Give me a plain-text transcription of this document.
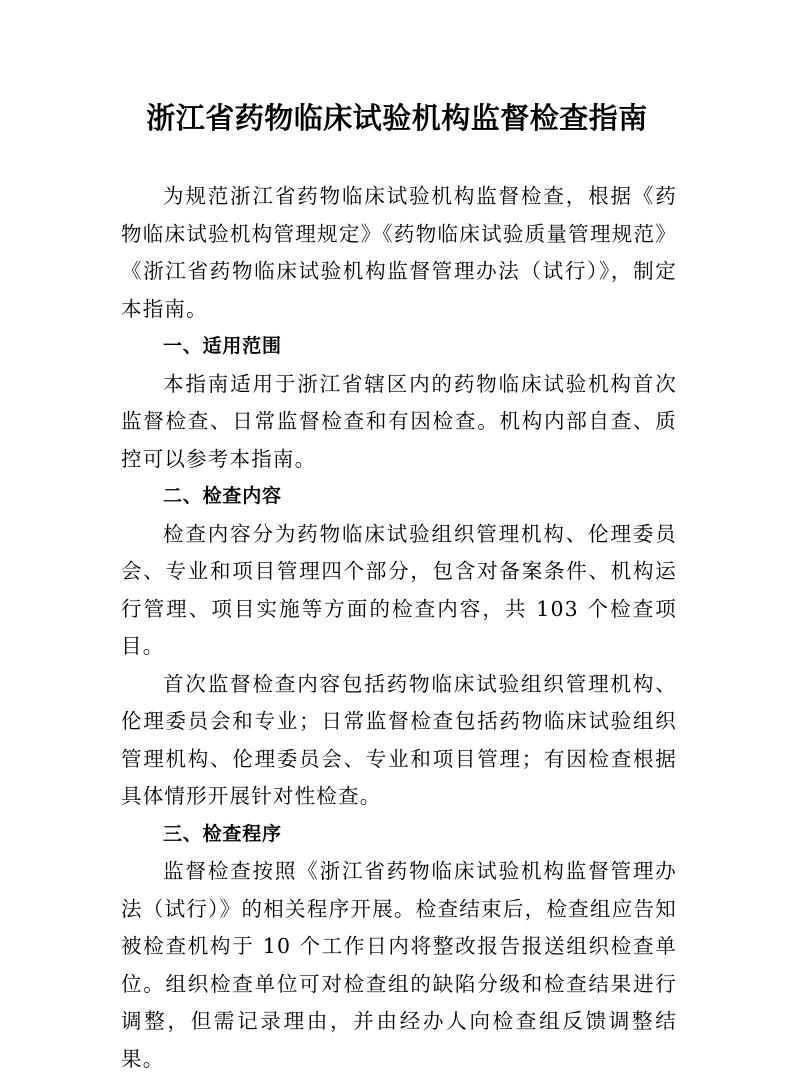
浙江省药物临床试验机构监督检查指南

为规范浙江省药物临床试验机构监督检查，根据《药物临床试验机构管理规定》《药物临床试验质量管理规范》《浙江省药物临床试验机构监督管理办法（试行）》，制定本指南。

一、适用范围

本指南适用于浙江省辖区内的药物临床试验机构首次监督检查、日常监督检查和有因检查。机构内部自查、质控可以参考本指南。

二、检查内容

检查内容分为药物临床试验组织管理机构、伦理委员会、专业和项目管理四个部分，包含对备案条件、机构运行管理、项目实施等方面的检查内容，共 103 个检查项目。

首次监督检查内容包括药物临床试验组织管理机构、伦理委员会和专业；日常监督检查包括药物临床试验组织管理机构、伦理委员会、专业和项目管理；有因检查根据具体情形开展针对性检查。

三、检查程序

监督检查按照《浙江省药物临床试验机构监督管理办法（试行）》的相关程序开展。检查结束后，检查组应告知被检查机构于 10 个工作日内将整改报告报送组织检查单位。组织检查单位可对检查组的缺陷分级和检查结果进行调整，但需记录理由，并由经办人向检查组反馈调整结果。
